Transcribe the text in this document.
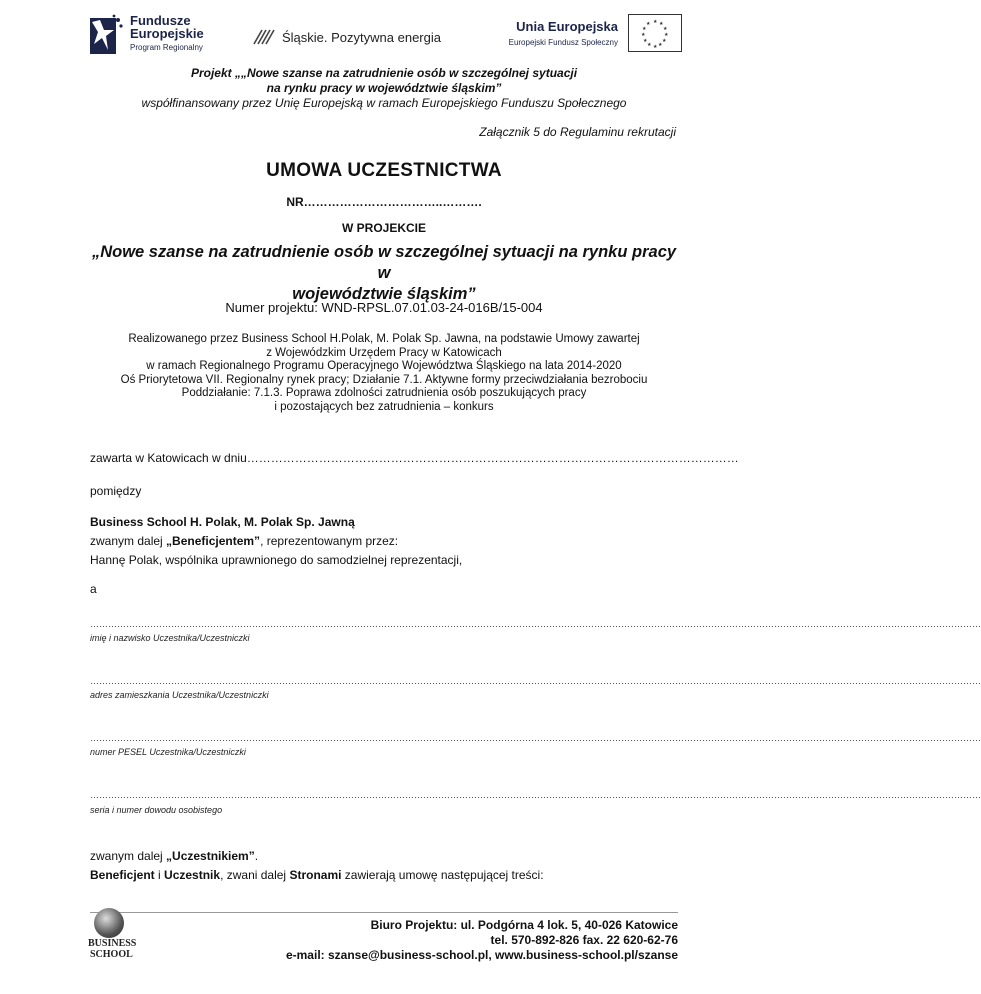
Fundusze
Europejskie
Program Regionalny
Śląskie. Pozytywna energia
Unia Europejska
Europejski Fundusz Społeczny
★ ★
★
★
★
★
★
★
★
★
★
★
Projekt „„Nowe szanse na zatrudnienie osób w szczególnej sytuacji
na rynku pracy w województwie śląskim”
współfinansowany przez Unię Europejską w ramach Europejskiego Funduszu Społecznego
Załącznik 5 do Regulaminu rekrutacji
UMOWA UCZESTNICTWA
NR……………………………..……….
W PROJEKCIE
„Nowe szanse na zatrudnienie osób w szczególnej sytuacji na rynku pracy w
województwie śląskim”
Numer projektu: WND-RPSL.07.01.03-24-016B/15-004
Realizowanego przez Business School H.Polak, M. Polak Sp. Jawna, na podstawie Umowy zawartej
z Wojewódzkim Urzędem Pracy w Katowicach
w ramach Regionalnego Programu Operacyjnego Województwa Śląskiego na lata 2014-2020
Oś Priorytetowa VII. Regionalny rynek pracy; Działanie 7.1. Aktywne formy przeciwdziałania bezrobociu
Poddziałanie: 7.1.3. Poprawa zdolności zatrudnienia osób poszukujących pracy
i pozostających bez zatrudnienia – konkurs
zawarta w Katowicach w dniu……………………………………………………………………………………………………………
pomiędzy
Business School H. Polak, M. Polak Sp. Jawną
zwanym dalej „Beneficjentem”, reprezentowanym przez:
Hannę Polak, wspólnika uprawnionego do samodzielnej reprezentacji,
a
………………………………………………………………………………………………………………………………………………………………………………………………………………………………………………………………………
imię i nazwisko Uczestnika/Uczestniczki
………………………………………………………………………………………………………………………………………………………………………………………………………………………………………………………………………
adres zamieszkania Uczestnika/Uczestniczki
………………………………………………………………………………………………………………………………………………………………………………………………………………………………………………………………………
numer PESEL Uczestnika/Uczestniczki
………………………………………………………………………………………………………………………………………………………………………………………………………………………………………………………………………
seria i numer dowodu osobistego
zwanym dalej „Uczestnikiem”.
Beneficjent i Uczestnik, zwani dalej Stronami zawierają umowę następującej treści:
BUSINESS
SCHOOL
Biuro Projektu: ul. Podgórna 4 lok. 5, 40-026 Katowice
tel. 570-892-826 fax. 22 620-62-76
e-mail: szanse@business-school.pl, www.business-school.pl/szanse
